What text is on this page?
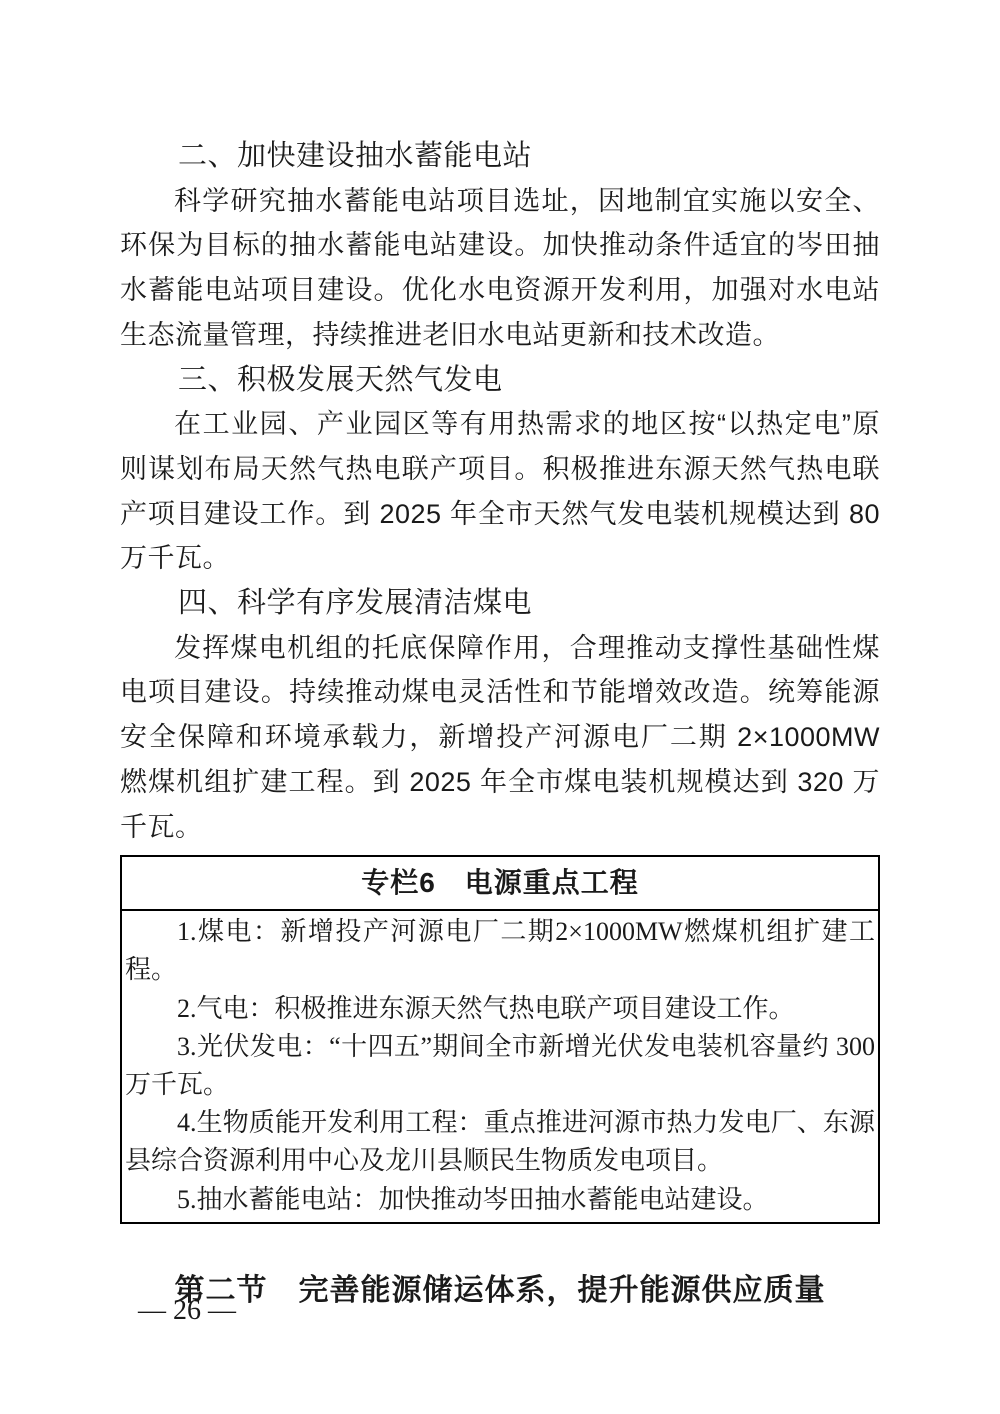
二、加快建设抽水蓄能电站

科学研究抽水蓄能电站项目选址，因地制宜实施以安全、环保为目标的抽水蓄能电站建设。加快推动条件适宜的岑田抽水蓄能电站项目建设。优化水电资源开发利用，加强对水电站生态流量管理，持续推进老旧水电站更新和技术改造。

三、积极发展天然气发电

在工业园、产业园区等有用热需求的地区按“以热定电”原则谋划布局天然气热电联产项目。积极推进东源天然气热电联产项目建设工作。到 2025 年全市天然气发电装机规模达到 80 万千瓦。

四、科学有序发展清洁煤电

发挥煤电机组的托底保障作用，合理推动支撑性基础性煤电项目建设。持续推动煤电灵活性和节能增效改造。统筹能源安全保障和环境承载力，新增投产河源电厂二期 2×1000MW 燃煤机组扩建工程。到 2025 年全市煤电装机规模达到 320 万千瓦。

专栏6　电源重点工程

1.煤电：新增投产河源电厂二期2×1000MW燃煤机组扩建工程。

2.气电：积极推进东源天然气热电联产项目建设工作。

3.光伏发电：“十四五”期间全市新增光伏发电装机容量约 300 万千瓦。

4.生物质能开发利用工程：重点推进河源市热力发电厂、东源县综合资源利用中心及龙川县顺民生物质发电项目。

5.抽水蓄能电站：加快推动岑田抽水蓄能电站建设。

第二节　完善能源储运体系，提升能源供应质量
— 26 —
